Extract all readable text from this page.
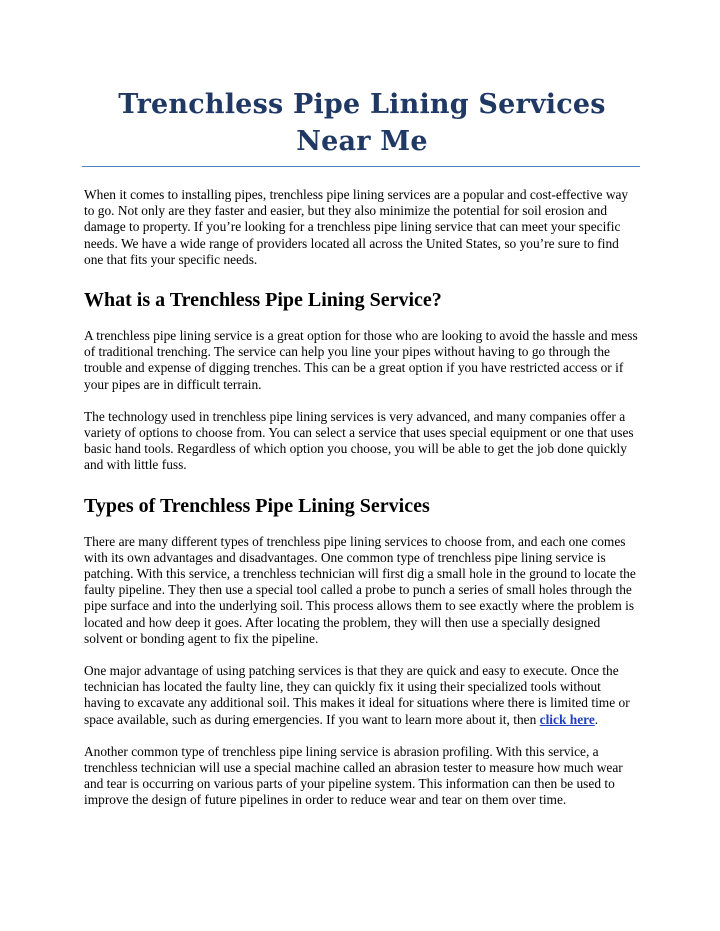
Trenchless Pipe Lining Services Near Me

When it comes to installing pipes, trenchless pipe lining services are a popular and cost-effective way to go. Not only are they faster and easier, but they also minimize the potential for soil erosion and damage to property. If you’re looking for a trenchless pipe lining service that can meet your specific needs. We have a wide range of providers located all across the United States, so you’re sure to find one that fits your specific needs.

What is a Trenchless Pipe Lining Service?

A trenchless pipe lining service is a great option for those who are looking to avoid the hassle and mess of traditional trenching. The service can help you line your pipes without having to go through the trouble and expense of digging trenches. This can be a great option if you have restricted access or if your pipes are in difficult terrain.

The technology used in trenchless pipe lining services is very advanced, and many companies offer a variety of options to choose from. You can select a service that uses special equipment or one that uses basic hand tools. Regardless of which option you choose, you will be able to get the job done quickly and with little fuss.

Types of Trenchless Pipe Lining Services

There are many different types of trenchless pipe lining services to choose from, and each one comes with its own advantages and disadvantages. One common type of trenchless pipe lining service is patching. With this service, a trenchless technician will first dig a small hole in the ground to locate the faulty pipeline. They then use a special tool called a probe to punch a series of small holes through the pipe surface and into the underlying soil. This process allows them to see exactly where the problem is located and how deep it goes. After locating the problem, they will then use a specially designed solvent or bonding agent to fix the pipeline.

One major advantage of using patching services is that they are quick and easy to execute. Once the technician has located the faulty line, they can quickly fix it using their specialized tools without having to excavate any additional soil. This makes it ideal for situations where there is limited time or space available, such as during emergencies. If you want to learn more about it, then click here.

Another common type of trenchless pipe lining service is abrasion profiling. With this service, a trenchless technician will use a special machine called an abrasion tester to measure how much wear and tear is occurring on various parts of your pipeline system. This information can then be used to improve the design of future pipelines in order to reduce wear and tear on them over time.
